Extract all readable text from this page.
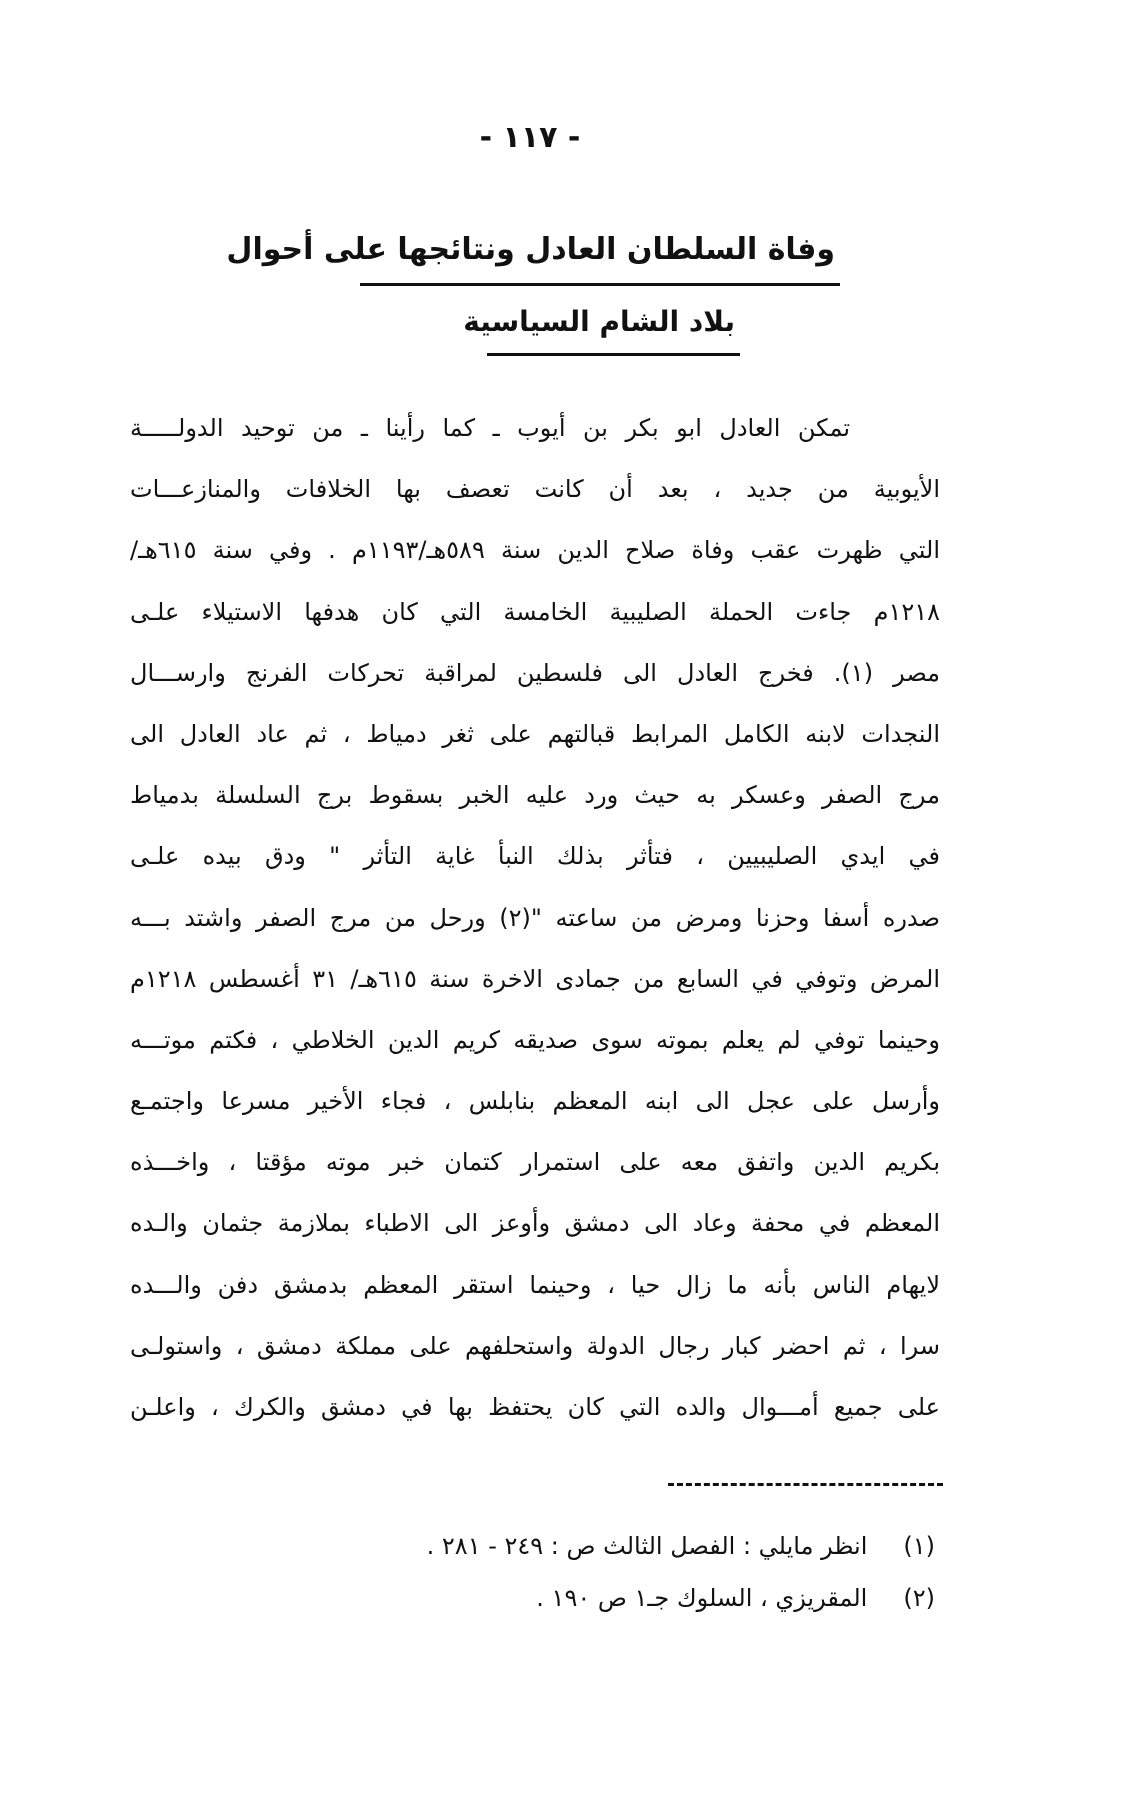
- ١١٧ -
وفاة السلطان العادل ونتائجها على أحوال
بلاد الشام السياسية
تمكن العادل ابو بكر بن أيوب ـ كما رأينا ـ من توحيد الدولـــــة
الأيوبية من جديد ، بعد أن كانت تعصف بها الخلافات والمنازعـــات
التي ظهرت عقب وفاة صلاح الدين سنة ٥٨٩هـ/١١٩٣م . وفي سنة ٦١٥هـ/
١٢١٨م جاءت الحملة الصليبية الخامسة التي كان هدفها الاستيلاء علـى
مصر (١). فخرج العادل الى فلسطين لمراقبة تحركات الفرنج وارســـال
النجدات لابنه الكامل المرابط قبالتهم على ثغر دمياط ، ثم عاد العادل الى
مرج الصفر وعسكر به حيث ورد عليه الخبر بسقوط برج السلسلة بدمياط
في ايدي الصليبيين ، فتأثر بذلك النبأ غاية التأثر " ودق بيده علـى
صدره أسفا وحزنا ومرض من ساعته "(٢) ورحل من مرج الصفر واشتد بـــه
المرض وتوفي في السابع من جمادى الاخرة سنة ٦١٥هـ/ ٣١ أغسطس ١٢١٨م
وحينما توفي لم يعلم بموته سوى صديقه كريم الدين الخلاطي ، فكتم موتـــه
وأرسل على عجل الى ابنه المعظم بنابلس ، فجاء الأخير مسرعا واجتمـع
بكريم الدين واتفق معه على استمرار كتمان خبر موته مؤقتا ، واخـــذه
المعظم في محفة وعاد الى دمشق وأوعز الى الاطباء بملازمة جثمان والـده
لايهام الناس بأنه ما زال حيا ، وحينما استقر المعظم بدمشق دفن والـــده
سرا ، ثم احضر كبار رجال الدولة واستحلفهم على مملكة دمشق ، واستولـى
على جميع أمـــوال والده التي كان يحتفظ بها في دمشق والكرك ، واعلـن
(١) انظر مايلي : الفصل الثالث ص : ٢٤٩ - ٢٨١ .
(٢) المقريزي ، السلوك جـ١ ص ١٩٠ .
